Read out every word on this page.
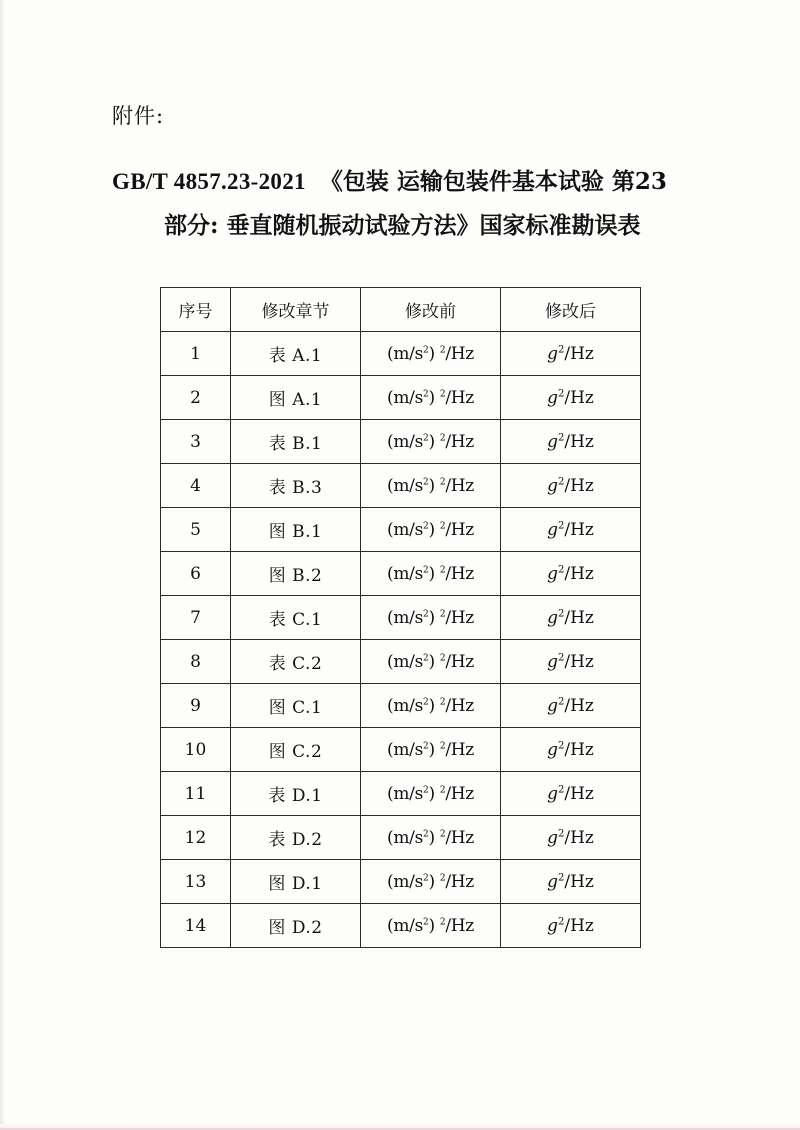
附件:
GB/T 4857.23-2021 《包装 运输包装件基本试验 第23
部分: 垂直随机振动试验方法》国家标准勘误表
序号	修改章节	修改前	修改后
1	表 A.1	$(m/s^2)$ $^2$/Hz	$g^2/Hz$
2	图 A.1	$(m/s^2)$ $^2$/Hz	$g^2/Hz$
3	表 B.1	$(m/s^2)$ $^2$/Hz	$g^2/Hz$
4	表 B.3	$(m/s^2)$ $^2$/Hz	$g^2/Hz$
5	图 B.1	$(m/s^2)$ $^2$/Hz	$g^2/Hz$
6	图 B.2	$(m/s^2)$ $^2$/Hz	$g^2/Hz$
7	表 C.1	$(m/s^2)$ $^2$/Hz	$g^2/Hz$
8	表 C.2	$(m/s^2)$ $^2$/Hz	$g^2/Hz$
9	图 C.1	$(m/s^2)$ $^2$/Hz	$g^2/Hz$
10	图 C.2	$(m/s^2)$ $^2$/Hz	$g^2/Hz$
11	表 D.1	$(m/s^2)$ $^2$/Hz	$g^2/Hz$
12	表 D.2	$(m/s^2)$ $^2$/Hz	$g^2/Hz$
13	图 D.1	$(m/s^2)$ $^2$/Hz	$g^2/Hz$
14	图 D.2	$(m/s^2)$ $^2$/Hz	$g^2/Hz$
